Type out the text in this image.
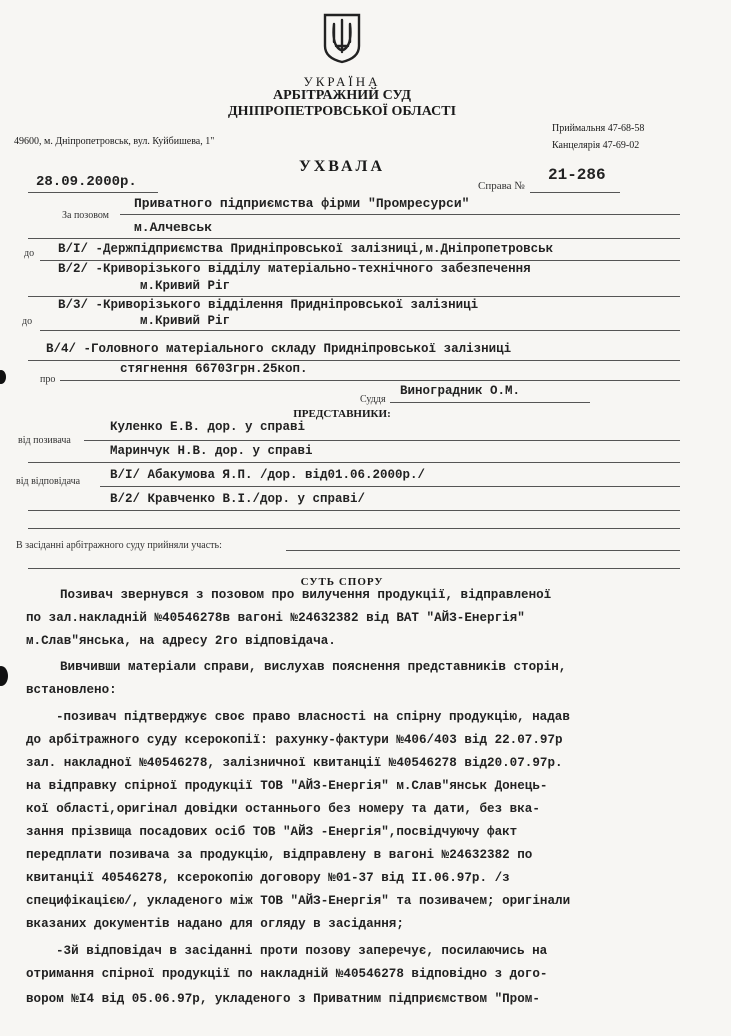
УКРАЇНА
АРБІТРАЖНИЙ СУД
ДНІПРОПЕТРОВСЬКОЇ ОБЛАСТІ
49600, м. Дніпропетровськ, вул. Куйбишева, 1"
Приймальня 47-68-58
Канцелярія 47-69-02
УХВАЛА
28.09.2000р.	Справа №
21-286
За позовом
Приватного підприємства фірми "Промресурси"
м.Алчевськ
до В/I/ -Держпідприємства Придніпровської залізниці,м.Дніпропетровськ
В/2/ -Криворізького відділу матеріально-технічного забезпечення
м.Кривий Ріг
В/3/ -Криворізького відділення Придніпровської залізниці
до	м.Кривий Ріг
В/4/ -Головного матеріального складу Придніпровської залізниці
про
стягнення 66703грн.25коп.
Суддя
Виноградник О.М.
ПРЕДСТАВНИКИ:
Куленко Е.В. дор. у справі
від позивача
Маринчук Н.В. дор. у справі
В/I/ Абакумова Я.П. /дор. від01.06.2000р./
від відповідача
В/2/ Кравченко В.І./дор. у справі/
В засіданні арбітражного суду прийняли участь:
СУТЬ СПОРУ
Позивач звернувся з позовом про вилучення продукції, відправленої
по зал.накладній №40546278в вагоні №24632382 від ВАТ "АЙЗ-Енергія"
м.Слав"янська, на адресу 2го відповідача.
Вивчивши матеріали справи, вислухав пояснення представників сторін,
встановлено:
-позивач підтверджує своє право власності на спірну продукцію, надав
до арбітражного суду ксерокопії: рахунку-фактури №406/403 від 22.07.97р
зал. накладної №40546278, залізничної квитанції №40546278 від20.07.97р.
на відправку спірної продукції ТОВ "АЙЗ-Енергія" м.Слав"янськ Донець-
кої області,оригінал довідки останнього без номеру та дати, без вка-
зання прізвища посадових осіб ТОВ "АЙЗ -Енергія",посвідчуючу факт
передплати позивача за продукцію, відправлену в вагоні №24632382 по
квитанції 40546278, ксерокопію договору №01-37 від II.06.97р. /з
специфікацією/, укладеного між ТОВ "АЙЗ-Енергія" та позивачем; оригінали
вказаних документів надано для огляду в засідання;
-3й відповідач в засіданні проти позову заперечує, посилаючись на
отримання спірної продукції по накладній №40546278 відповідно з дого-
вором №I4 від 05.06.97р, укладеного з Приватним підприємством "Пром-
